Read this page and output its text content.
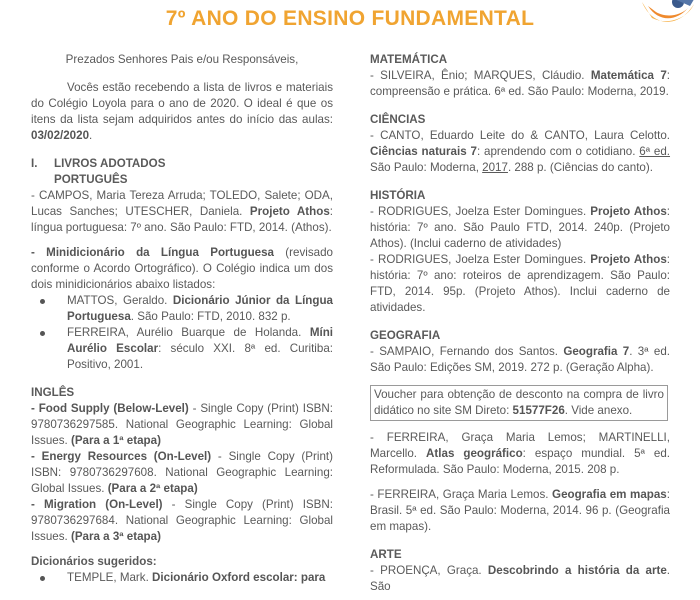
7º ANO DO ENSINO FUNDAMENTAL

Prezados Senhores Pais e/ou Responsáveis,

Vocês estão recebendo a lista de livros e materiais do Colégio Loyola para o ano de 2020. O ideal é que os itens da lista sejam adquiridos antes do início das aulas: 03/02/2020.

I. LIVROS ADOTADOS
PORTUGUÊS

- CAMPOS, Maria Tereza Arruda; TOLEDO, Salete; ODA, Lucas Sanches; UTESCHER, Daniela. Projeto Athos: língua portuguesa: 7º ano. São Paulo: FTD, 2014. (Athos).

- Minidicionário da Língua Portuguesa (revisado conforme o Acordo Ortográfico). O Colégio indica um dos dois minidicionários abaixo listados:

MATTOS, Geraldo. Dicionário Júnior da Língua Portuguesa. São Paulo: FTD, 2010. 832 p.
FERREIRA, Aurélio Buarque de Holanda. Míni Aurélio Escolar: século XXI. 8ª ed. Curitiba: Positivo, 2001.
INGLÊS

- Food Supply (Below-Level) - Single Copy (Print) ISBN: 9780736297585. National Geographic Learning: Global Issues. (Para a 1ª etapa)

- Energy Resources (On-Level) - Single Copy (Print) ISBN: 9780736297608. National Geographic Learning: Global Issues. (Para a 2ª etapa)

- Migration (On-Level) - Single Copy (Print) ISBN: 9780736297684. National Geographic Learning: Global Issues. (Para a 3ª etapa)

Dicionários sugeridos:
TEMPLE, Mark. Dicionário Oxford escolar: para
MATEMÁTICA

- SILVEIRA, Ênio; MARQUES, Cláudio. Matemática 7: compreensão e prática. 6ª ed. São Paulo: Moderna, 2019.

CIÊNCIAS

- CANTO, Eduardo Leite do & CANTO, Laura Celotto. Ciências naturais 7: aprendendo com o cotidiano. 6ª ed. São Paulo: Moderna, 2017. 288 p. (Ciências do canto).

HISTÓRIA

- RODRIGUES, Joelza Ester Domingues. Projeto Athos: história: 7º ano. São Paulo FTD, 2014. 240p. (Projeto Athos). (Inclui caderno de atividades)

- RODRIGUES, Joelza Ester Domingues. Projeto Athos: história: 7º ano: roteiros de aprendizagem. São Paulo: FTD, 2014. 95p. (Projeto Athos). Inclui caderno de atividades.

GEOGRAFIA

- SAMPAIO, Fernando dos Santos. Geografia 7. 3ª ed. São Paulo: Edições SM, 2019. 272 p. (Geração Alpha).

Voucher para obtenção de desconto na compra de livro didático no site SM Direto: 51577F26. Vide anexo.

- FERREIRA, Graça Maria Lemos; MARTINELLI, Marcello. Atlas geográfico: espaço mundial. 5ª ed. Reformulada. São Paulo: Moderna, 2015. 208 p.

- FERREIRA, Graça Maria Lemos. Geografia em mapas: Brasil. 5ª ed. São Paulo: Moderna, 2014. 96 p. (Geografia em mapas).

ARTE

- PROENÇA, Graça. Descobrindo a história da arte. São
